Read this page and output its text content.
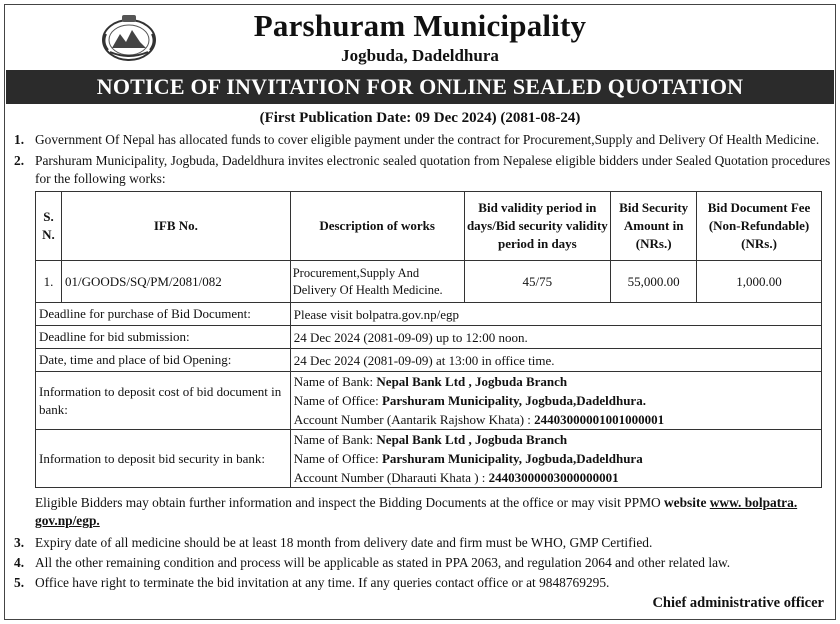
Parshuram Municipality
Jogbuda, Dadeldhura
NOTICE OF INVITATION FOR ONLINE SEALED QUOTATION
(First Publication Date: 09 Dec 2024) (2081-08-24)
1. Government Of Nepal has allocated funds to cover eligible payment under the contract for Procurement,Supply and Delivery Of Health Medicine.
2. Parshuram Municipality, Jogbuda, Dadeldhura invites electronic sealed quotation from Nepalese eligible bidders under Sealed Quotation procedures for the following works:
S. N.	IFB No.	Description of works	Bid validity period in days/Bid security validity period in days	Bid Security Amount in (NRs.)	Bid Document Fee (Non-Refundable) (NRs.)
1.	01/GOODS/SQ/PM/2081/082	Procurement,Supply And Delivery Of Health Medicine.	45/75	55,000.00	1,000.00
Deadline for purchase of Bid Document:		Please visit bolpatra.gov.np/egp			
Deadline for bid submission:		24 Dec 2024 (2081-09-09) up to 12:00 noon.			
Date, time and place of bid Opening:		24 Dec 2024 (2081-09-09) at 13:00 in office time.			
Information to deposit cost of bid document in bank:		Name of Bank: Nepal Bank Ltd , Jogbuda Branch
Name of Office: Parshuram Municipality, Jogbuda,Dadeldhura.
Account Number (Aantarik Rajshow Khata) : 24403000001001000001			

Information to deposit bid security in bank:		Name of Bank: Nepal Bank Ltd , Jogbuda Branch
Name of Office: Parshuram Municipality, Jogbuda,Dadeldhura
Account Number (Dharauti Khata ) : 24403000003000000001			
Eligible Bidders may obtain further information and inspect the Bidding Documents at the office or may visit PPMO website www. bolpatra. gov.np/egp.
3. Expiry date of all medicine should be at least 18 month from delivery date and firm must be WHO, GMP Certified.
4. All the other remaining condition and process will be applicable as stated in PPA 2063, and regulation 2064 and other related law.
5. Office have right to terminate the bid invitation at any time. If any queries contact office or at 9848769295.
Chief administrative officer
